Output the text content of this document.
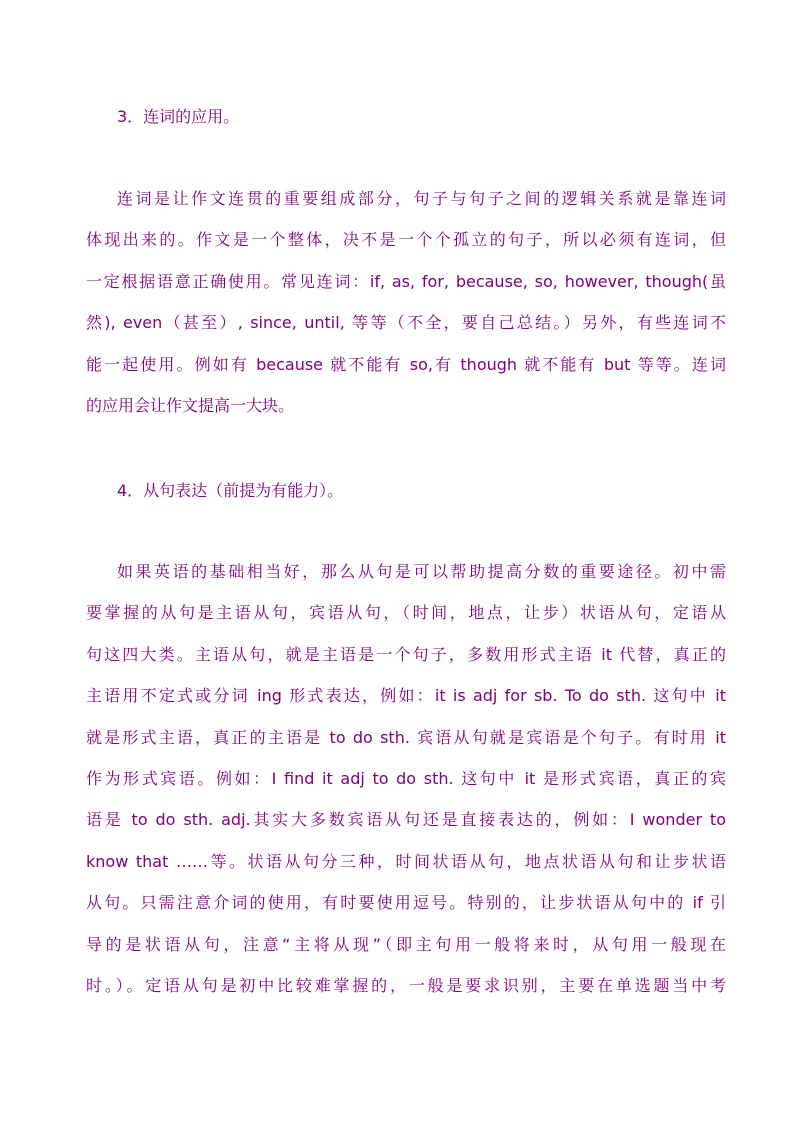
3．连词的应用。
连词是让作文连贯的重要组成部分，句子与句子之间的逻辑关系就是靠连词
体现出来的。作文是一个整体，决不是一个个孤立的句子，所以必须有连词，但
一定根据语意正确使用。常见连词：if, as, for, because, so, however, though(虽
然), even（甚至）, since, until, 等等（不全，要自己总结。）另外，有些连词不
能一起使用。例如有 because 就不能有 so,有 though 就不能有 but 等等。连词
的应用会让作文提高一大块。
4．从句表达（前提为有能力）。
如果英语的基础相当好，那么从句是可以帮助提高分数的重要途径。初中需
要掌握的从句是主语从句，宾语从句，（时间，地点，让步）状语从句，定语从
句这四大类。主语从句，就是主语是一个句子，多数用形式主语 it 代替，真正的
主语用不定式或分词 ing 形式表达，例如：it is adj for sb. To do sth. 这句中 it
就是形式主语，真正的主语是 to do sth. 宾语从句就是宾语是个句子。有时用 it
作为形式宾语。例如：I find it adj to do sth. 这句中 it 是形式宾语，真正的宾
语是 to do sth. adj.其实大多数宾语从句还是直接表达的，例如：I wonder to
know that ……等。状语从句分三种，时间状语从句，地点状语从句和让步状语
从句。只需注意介词的使用，有时要使用逗号。特别的，让步状语从句中的 if 引
导的是状语从句，注意“主将从现”（即主句用一般将来时，从句用一般现在
时。）。定语从句是初中比较难掌握的，一般是要求识别，主要在单选题当中考
